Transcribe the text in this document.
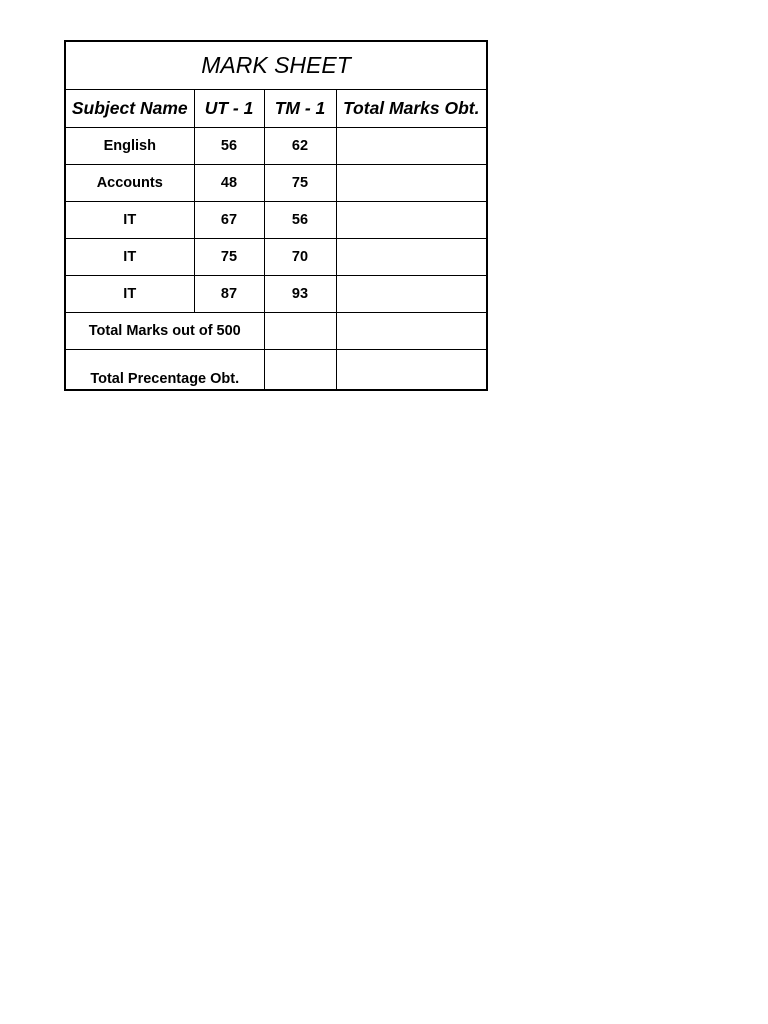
MARK SHEET			
Subject Name	UT - 1	TM - 1	Total Marks Obt.
English	56	62	
Accounts	48	75	
IT	67	56	
IT	75	70	
IT	87	93	
Total Marks out of 500			
Total Precentage Obt.			
